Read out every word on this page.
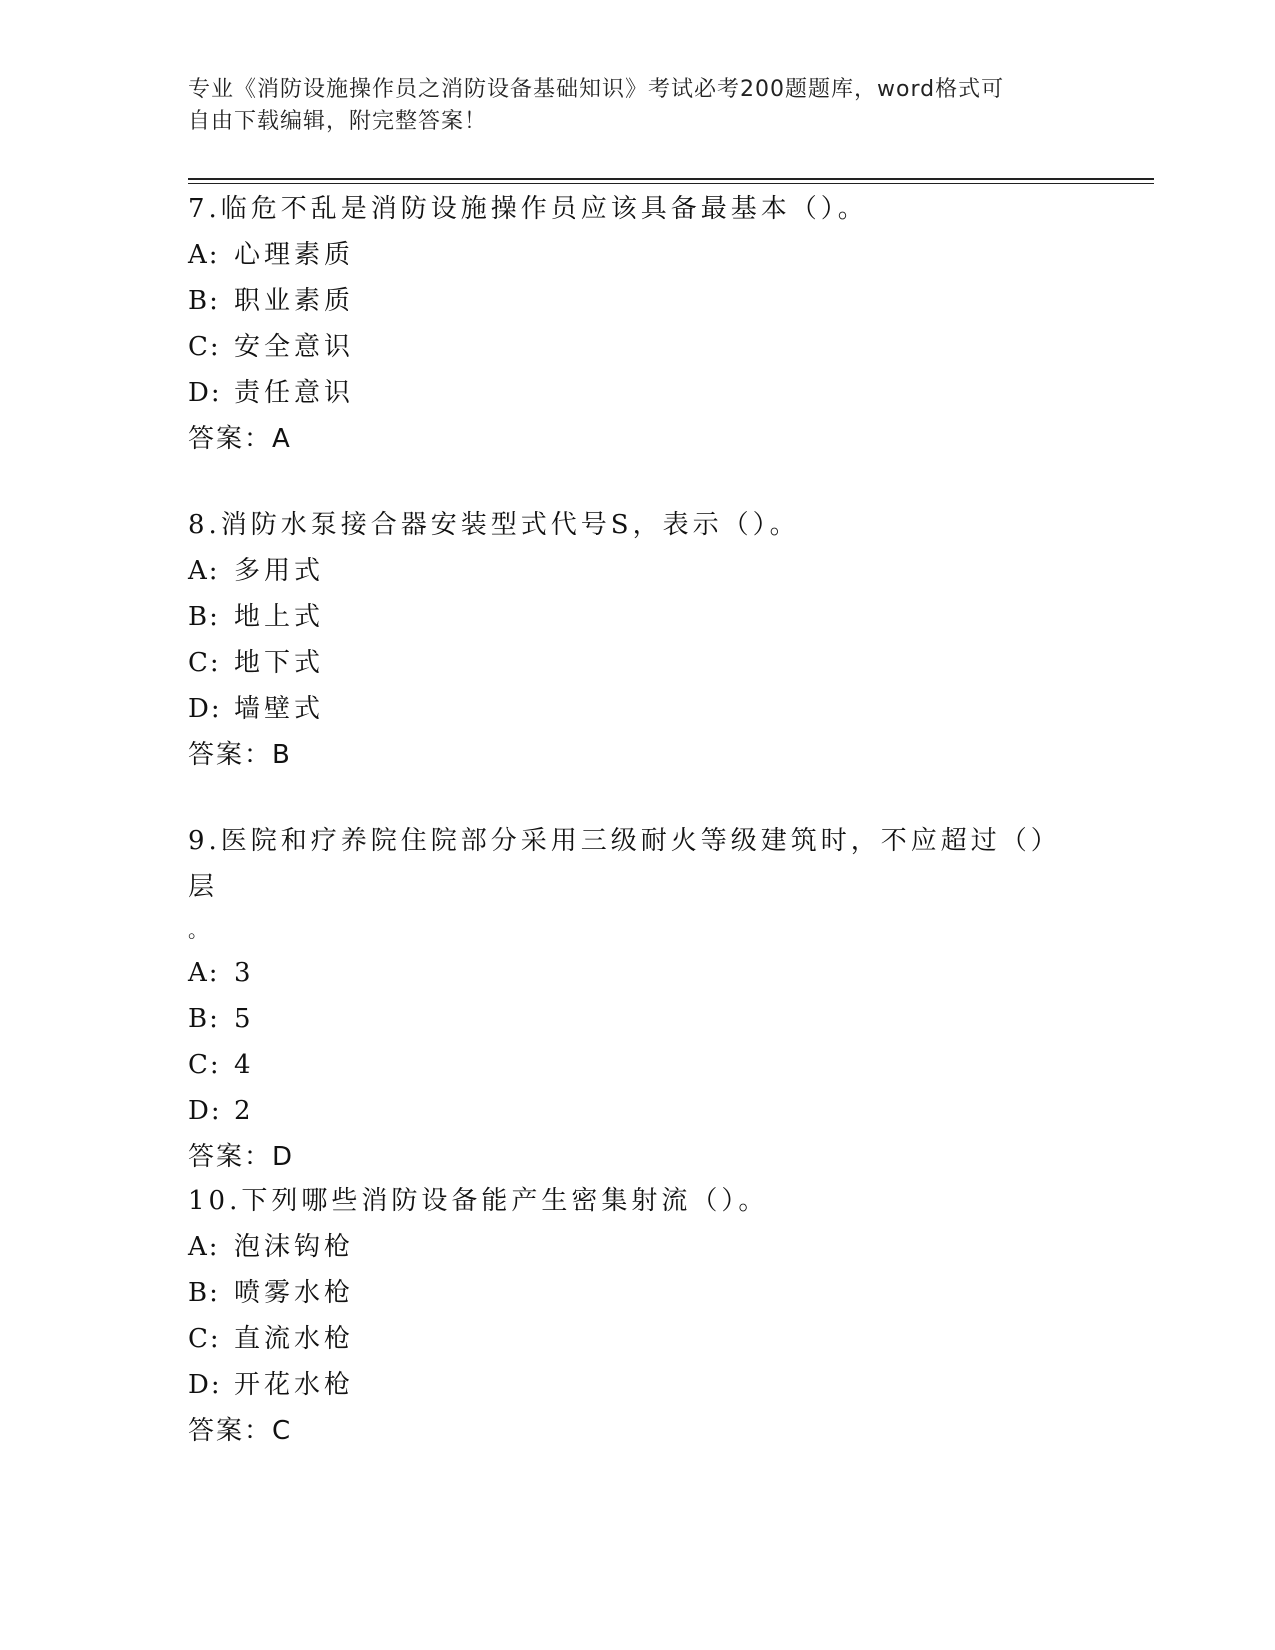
专业《消防设施操作员之消防设备基础知识》考试必考200题题库，word格式可
自由下载编辑，附完整答案！

7.临危不乱是消防设施操作员应该具备最基本（）。

A: 心理素质
B: 职业素质
C: 安全意识
D: 责任意识
答案：A

8.消防水泵接合器安装型式代号S，表示（）。

A: 多用式
B: 地上式
C: 地下式
D: 墙壁式
答案：B

9.医院和疗养院住院部分采用三级耐火等级建筑时，不应超过（）层

。
A: 3
B: 5
C: 4
D: 2
答案：D

10.下列哪些消防设备能产生密集射流（）。

A: 泡沫钩枪
B: 喷雾水枪
C: 直流水枪
D: 开花水枪
答案：C
